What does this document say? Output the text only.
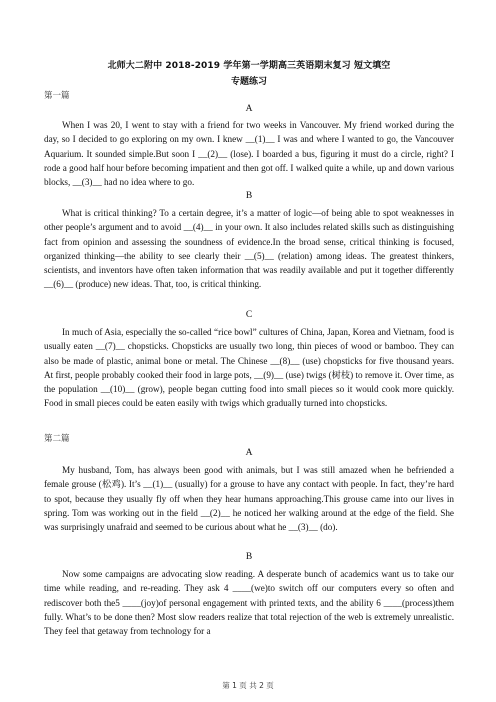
北师大二附中 2018-2019 学年第一学期高三英语期末复习 短文填空
专题练习
第一篇
A

When I was 20, I went to stay with a friend for two weeks in Vancouver. My friend worked during the day, so I decided to go exploring on my own. I knew __(1)__ I was and where I wanted to go, the Vancouver Aquarium. It sounded simple.But soon I __(2)__ (lose). I boarded a bus, figuring it must do a circle, right? I rode a good half hour before becoming impatient and then got off. I walked quite a while, up and down various blocks, __(3)__ had no idea where to go.

B

What is critical thinking? To a certain degree, it’s a matter of logic—of being able to spot weaknesses in other people’s argument and to avoid __(4)__ in your own. It also includes related skills such as distinguishing fact from opinion and assessing the soundness of evidence.In the broad sense, critical thinking is focused, organized thinking—the ability to see clearly their __(5)__ (relation) among ideas. The greatest thinkers, scientists, and inventors have often taken information that was readily available and put it together differently __(6)__ (produce) new ideas. That, too, is critical thinking.

C

In much of Asia, especially the so-called “rice bowl” cultures of China, Japan, Korea and Vietnam, food is usually eaten __(7)__ chopsticks. Chopsticks are usually two long, thin pieces of wood or bamboo. They can also be made of plastic, animal bone or metal. The Chinese __(8)__ (use) chopsticks for five thousand years. At first, people probably cooked their food in large pots, __(9)__ (use) twigs (树枝) to remove it. Over time, as the population __(10)__ (grow), people began cutting food into small pieces so it would cook more quickly. Food in small pieces could be eaten easily with twigs which gradually turned into chopsticks.

第二篇
A

My husband, Tom, has always been good with animals, but I was still amazed when he befriended a female grouse (松鸡). It’s __(1)__ (usually) for a grouse to have any contact with people. In fact, they’re hard to spot, because they usually fly off when they hear humans approaching.This grouse came into our lives in spring. Tom was working out in the field __(2)__ he noticed her walking around at the edge of the field. She was surprisingly unafraid and seemed to be curious about what he __(3)__ (do).

B

Now some campaigns are advocating slow reading. A desperate bunch of academics want us to take our time while reading, and re-reading. They ask 4 ____(we)to switch off our computers every so often and rediscover both the5 ____(joy)of personal engagement with printed texts, and the ability 6 ____(process)them fully. What’s to be done then? Most slow readers realize that total rejection of the web is extremely unrealistic. They feel that getaway from technology for a

第 1 页 共 2 页
